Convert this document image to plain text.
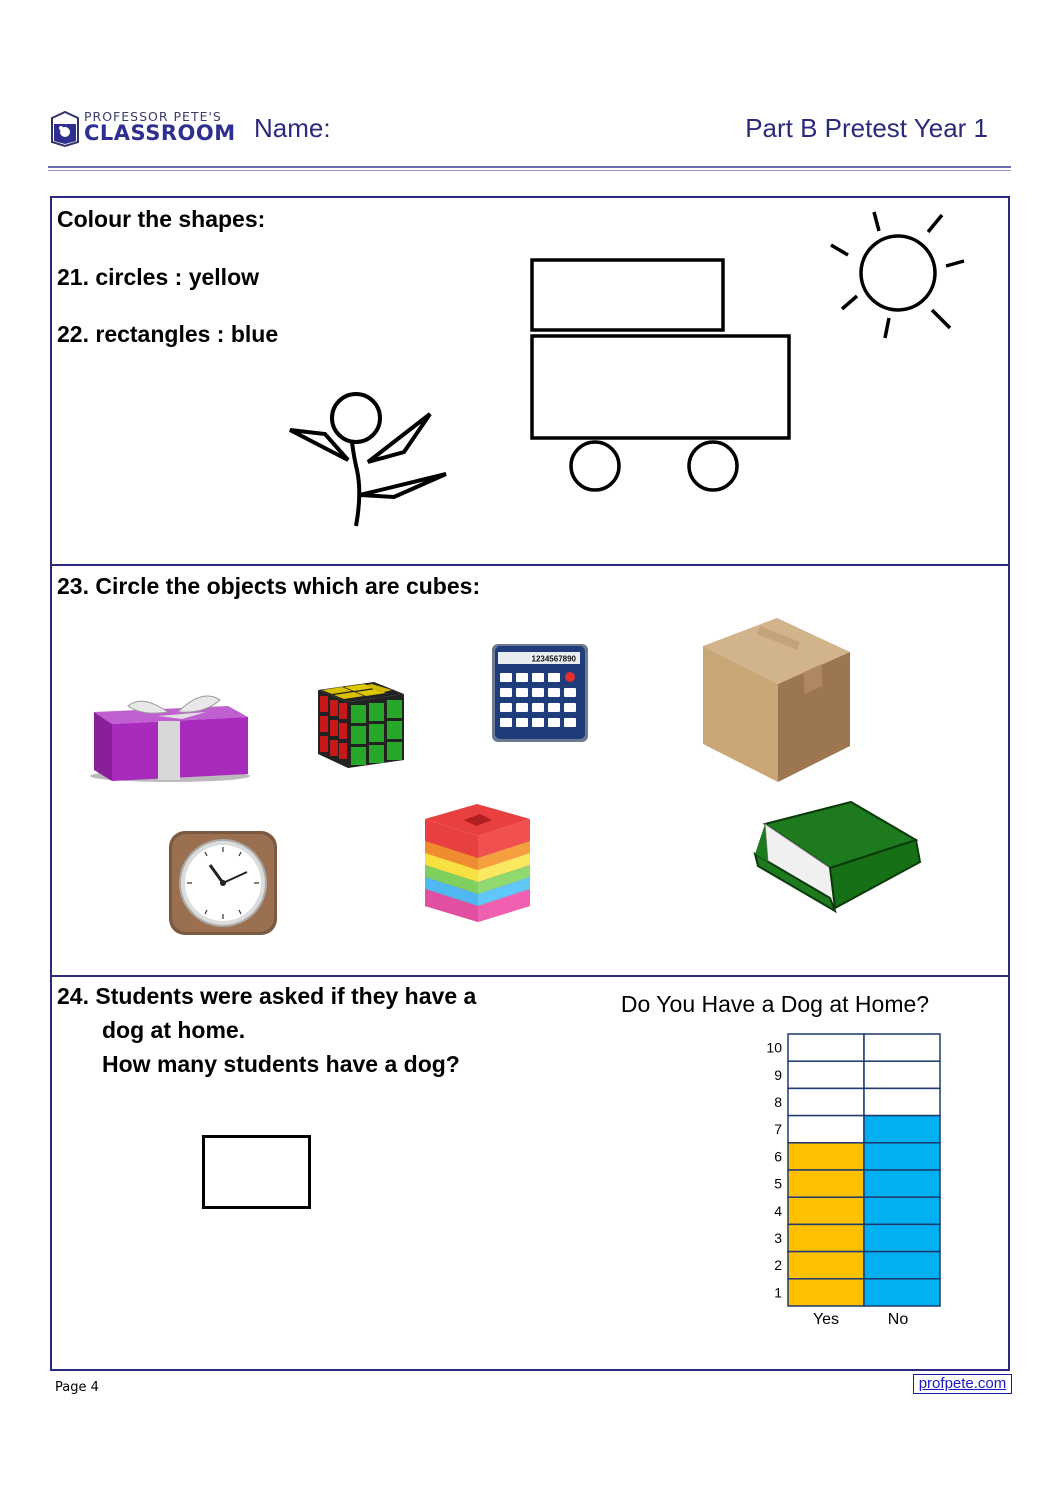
PROFESSOR PETE'S
CLASSROOM Name:	Part B Pretest Year 1
Colour the shapes:
21. circles : yellow
22. rectangles : blue
23. Circle the objects which are cubes:
1234567890
24. Students were asked if they have a
dog at home.
How many students have a dog?
Do You Have a Dog at Home?
1
2
3
4
5
6
7
8
9
10
Yes	No
Page 4	profpete.com
